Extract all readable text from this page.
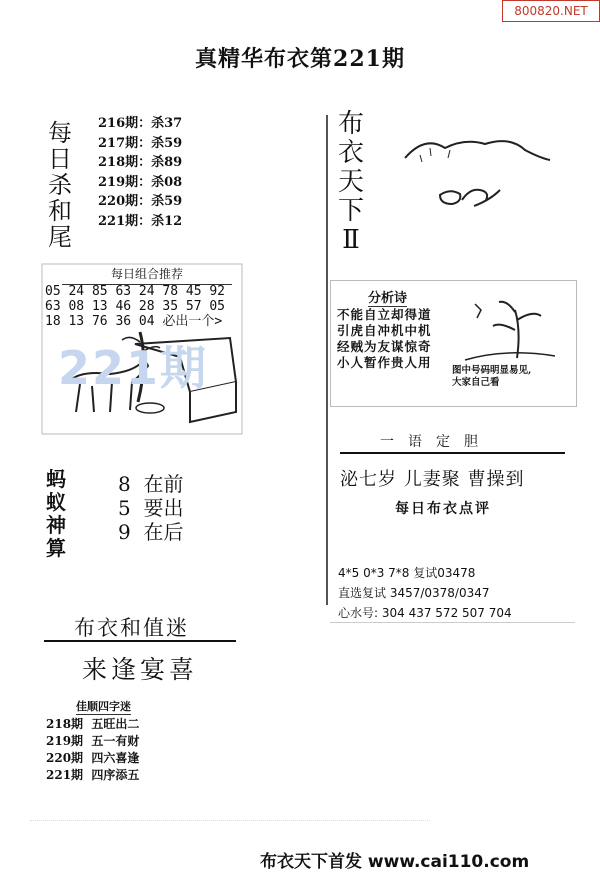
800820.NET
真精华布衣第221期
每
日
杀
和
尾
216期：杀37
217期：杀59
218期：杀89
219期：杀08
220期：杀59
221期：杀12
221期
每日组合推荐
05 24 85 63 24 78 45 92
63 08 13 46 28 35 57 05
18 13 76 36 04 必出一个>
蚂
蚁
神
算
8 在前
5 要出
9 在后
布衣和值迷
来逢宴喜
佳顺四字迷
218期  五旺出二
219期  五一有财
220期  四六喜逢
221期  四序添五
布
衣
天
下
Ⅱ
分析诗
不能自立却得道
引虎自冲机中机
经贼为友谋惊奇
小人暂作贵人用
图中号码明显易见,
大家自己看
一语定胆
泌七岁 儿妻聚 曹操到
每日布衣点评
4*5 0*3 7*8 复试03478
直选复试 3457/0378/0347
心水号: 304 437 572 507 704
布衣天下首发 www.cai110.com
